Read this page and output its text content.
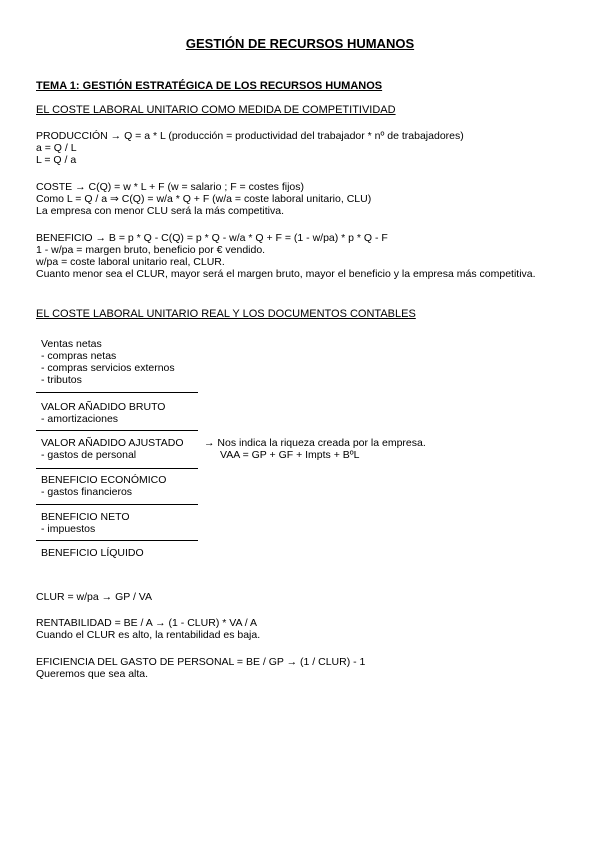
GESTIÓN DE RECURSOS HUMANOS
TEMA 1: GESTIÓN ESTRATÉGICA DE LOS RECURSOS HUMANOS
EL COSTE LABORAL UNITARIO COMO MEDIDA DE COMPETITIVIDAD
PRODUCCIÓN → Q = a * L (producción = productividad del trabajador * nº de trabajadores)
a = Q / L
L = Q / a
COSTE → C(Q) = w * L + F (w = salario ; F = costes fijos)
Como L = Q / a ⇒ C(Q) = w/a * Q + F (w/a = coste laboral unitario, CLU)
La empresa con menor CLU será la más competitiva.
BENEFICIO → B = p * Q - C(Q) = p * Q - w/a * Q + F = (1 - w/pa) * p * Q - F
1 - w/pa = margen bruto, beneficio por € vendido.
w/pa = coste laboral unitario real, CLUR.
Cuanto menor sea el CLUR, mayor será el margen bruto, mayor el beneficio y la empresa más competitiva.
EL COSTE LABORAL UNITARIO REAL Y LOS DOCUMENTOS CONTABLES
Ventas netas
- compras netas
- compras servicios externos
- tributos
VALOR AÑADIDO BRUTO
- amortizaciones
VALOR AÑADIDO AJUSTADO
- gastos de personal
BENEFICIO ECONÓMICO
- gastos financieros
BENEFICIO NETO
- impuestos
BENEFICIO LÍQUIDO
→ Nos indica la riqueza creada por la empresa.
VAA = GP + GF + Impts + BºL
CLUR = w/pa → GP / VA
RENTABILIDAD = BE / A → (1 - CLUR) * VA / A
Cuando el CLUR es alto, la rentabilidad es baja.
EFICIENCIA DEL GASTO DE PERSONAL = BE / GP → (1 / CLUR) - 1
Queremos que sea alta.
